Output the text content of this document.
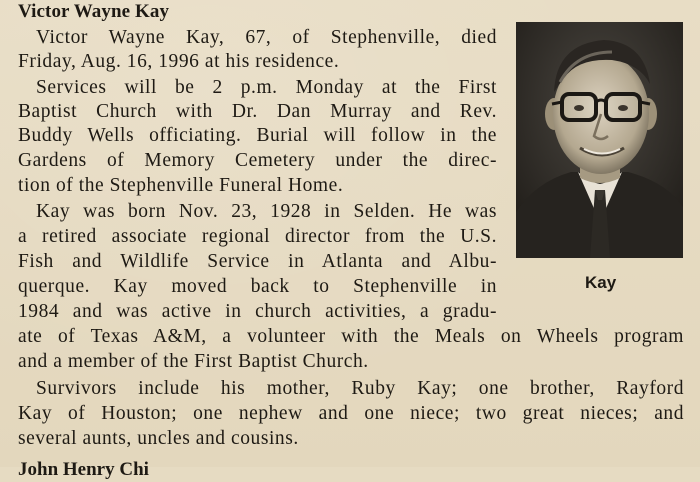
Victor Wayne Kay
Victor Wayne Kay, 67, of Stephenville, died
Friday, Aug. 16, 1996 at his residence.
Services will be 2 p.m. Monday at the First
Baptist Church with Dr. Dan Murray and Rev.
Buddy Wells officiating. Burial will follow in the
Gardens of Memory Cemetery under the direc-
tion of the Stephenville Funeral Home.
Kay was born Nov. 23, 1928 in Selden. He was
a retired associate regional director from the U.S.
Fish and Wildlife Service in Atlanta and Albu-
querque. Kay moved back to Stephenville in
1984 and was active in church activities, a gradu-
ate of Texas A&M, a volunteer with the Meals on Wheels program
and a member of the First Baptist Church.
Survivors include his mother, Ruby Kay; one brother, Rayford
Kay of Houston; one nephew and one niece; two great nieces; and
several aunts, uncles and cousins.
Kay
John Henry Chi
